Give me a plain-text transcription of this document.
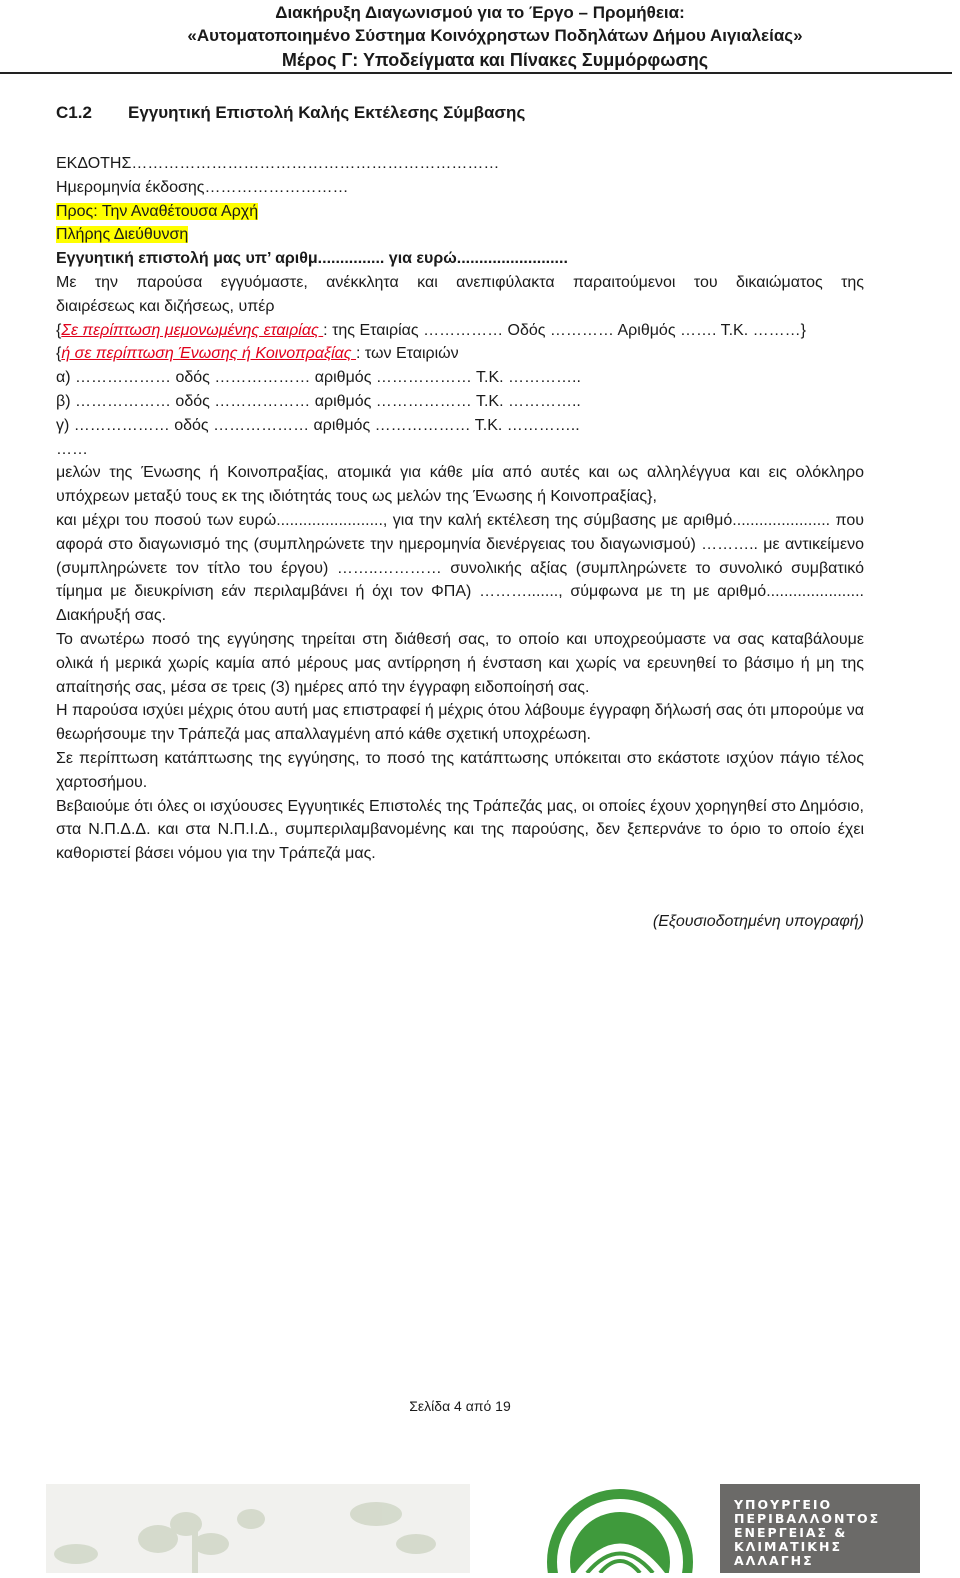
Διακήρυξη Διαγωνισμού για το Έργο – Προμήθεια:
«Αυτοματοποιημένο Σύστημα Κοινόχρηστων Ποδηλάτων Δήμου Αιγιαλείας»
Μέρος Γ: Υποδείγματα και Πίνακες Συμμόρφωσης
C1.2 Εγγυητική Επιστολή Καλής Εκτέλεσης Σύμβασης
ΕΚΔΟΤΗΣ……………………………………………………………
Ημερομηνία έκδοσης………………………
Προς: Την Αναθέτουσα Αρχή
Πλήρης Διεύθυνση
Εγγυητική επιστολή μας υπ’ αριθμ............... για ευρώ.........................
Με την παρούσα εγγυόμαστε, ανέκκλητα και ανεπιφύλακτα παραιτούμενοι του δικαιώματος της
διαιρέσεως και διζήσεως, υπέρ
{Σε περίπτωση μεμονωμένης εταιρίας : της Εταιρίας …………… Οδός ………… Αριθμός ……. Τ.Κ. ………}
{ή σε περίπτωση Ένωσης ή Κοινοπραξίας : των Εταιριών
α) ……………… οδός ……………… αριθμός ……………… Τ.Κ. …………..
β) ……………… οδός ……………… αριθμός ……………… Τ.Κ. …………..
γ) ……………… οδός ……………… αριθμός ……………… Τ.Κ. …………..
……
μελών της Ένωσης ή Κοινοπραξίας, ατομικά για κάθε μία από αυτές και ως αλληλέγγυα και εις ολόκληρο υπόχρεων μεταξύ τους εκ της ιδιότητάς τους ως μελών της Ένωσης ή Κοινοπραξίας},
και μέχρι του ποσού των ευρώ........................, για την καλή εκτέλεση της σύμβασης με αριθμό...................... που αφορά στο διαγωνισμό της (συμπληρώνετε την ημερομηνία διενέργειας του διαγωνισμού) ……….. με αντικείμενο (συμπληρώνετε τον τίτλο του έργου) ……..………… συνολικής αξίας (συμπληρώνετε το συνολικό συμβατικό τίμημα με διευκρίνιση εάν περιλαμβάνει ή όχι τον ΦΠΑ) ………......., σύμφωνα με τη με αριθμό...................... Διακήρυξή σας.
Το ανωτέρω ποσό της εγγύησης τηρείται στη διάθεσή σας, το οποίο και υποχρεούμαστε να σας καταβάλουμε ολικά ή μερικά χωρίς καμία από μέρους μας αντίρρηση ή ένσταση και χωρίς να ερευνηθεί το βάσιμο ή μη της απαίτησής σας, μέσα σε τρεις (3) ημέρες από την έγγραφη ειδοποίησή σας.
Η παρούσα ισχύει μέχρις ότου αυτή μας επιστραφεί ή μέχρις ότου λάβουμε έγγραφη δήλωσή σας ότι μπορούμε να θεωρήσουμε την Τράπεζά μας απαλλαγμένη από κάθε σχετική υποχρέωση.
Σε περίπτωση κατάπτωσης της εγγύησης, το ποσό της κατάπτωσης υπόκειται στο εκάστοτε ισχύον πάγιο τέλος χαρτοσήμου.
Βεβαιούμε ότι όλες οι ισχύουσες Εγγυητικές Επιστολές της Τράπεζάς μας, οι οποίες έχουν χορηγηθεί στο Δημόσιο, στα Ν.Π.Δ.Δ. και στα Ν.Π.Ι.Δ., συμπεριλαμβανομένης και της παρούσης, δεν ξεπερνάνε το όριο το οποίο έχει καθοριστεί βάσει νόμου για την Τράπεζά μας.
(Εξουσιοδοτημένη υπογραφή)
Σελίδα 4 από 19
ΥΠΟΥΡΓΕΙΟ
ΠΕΡΙΒΑΛΛΟΝΤΟΣ
ΕΝΕΡΓΕΙΑΣ &
ΚΛΙΜΑΤΙΚΗΣ
ΑΛΛΑΓΗΣ
